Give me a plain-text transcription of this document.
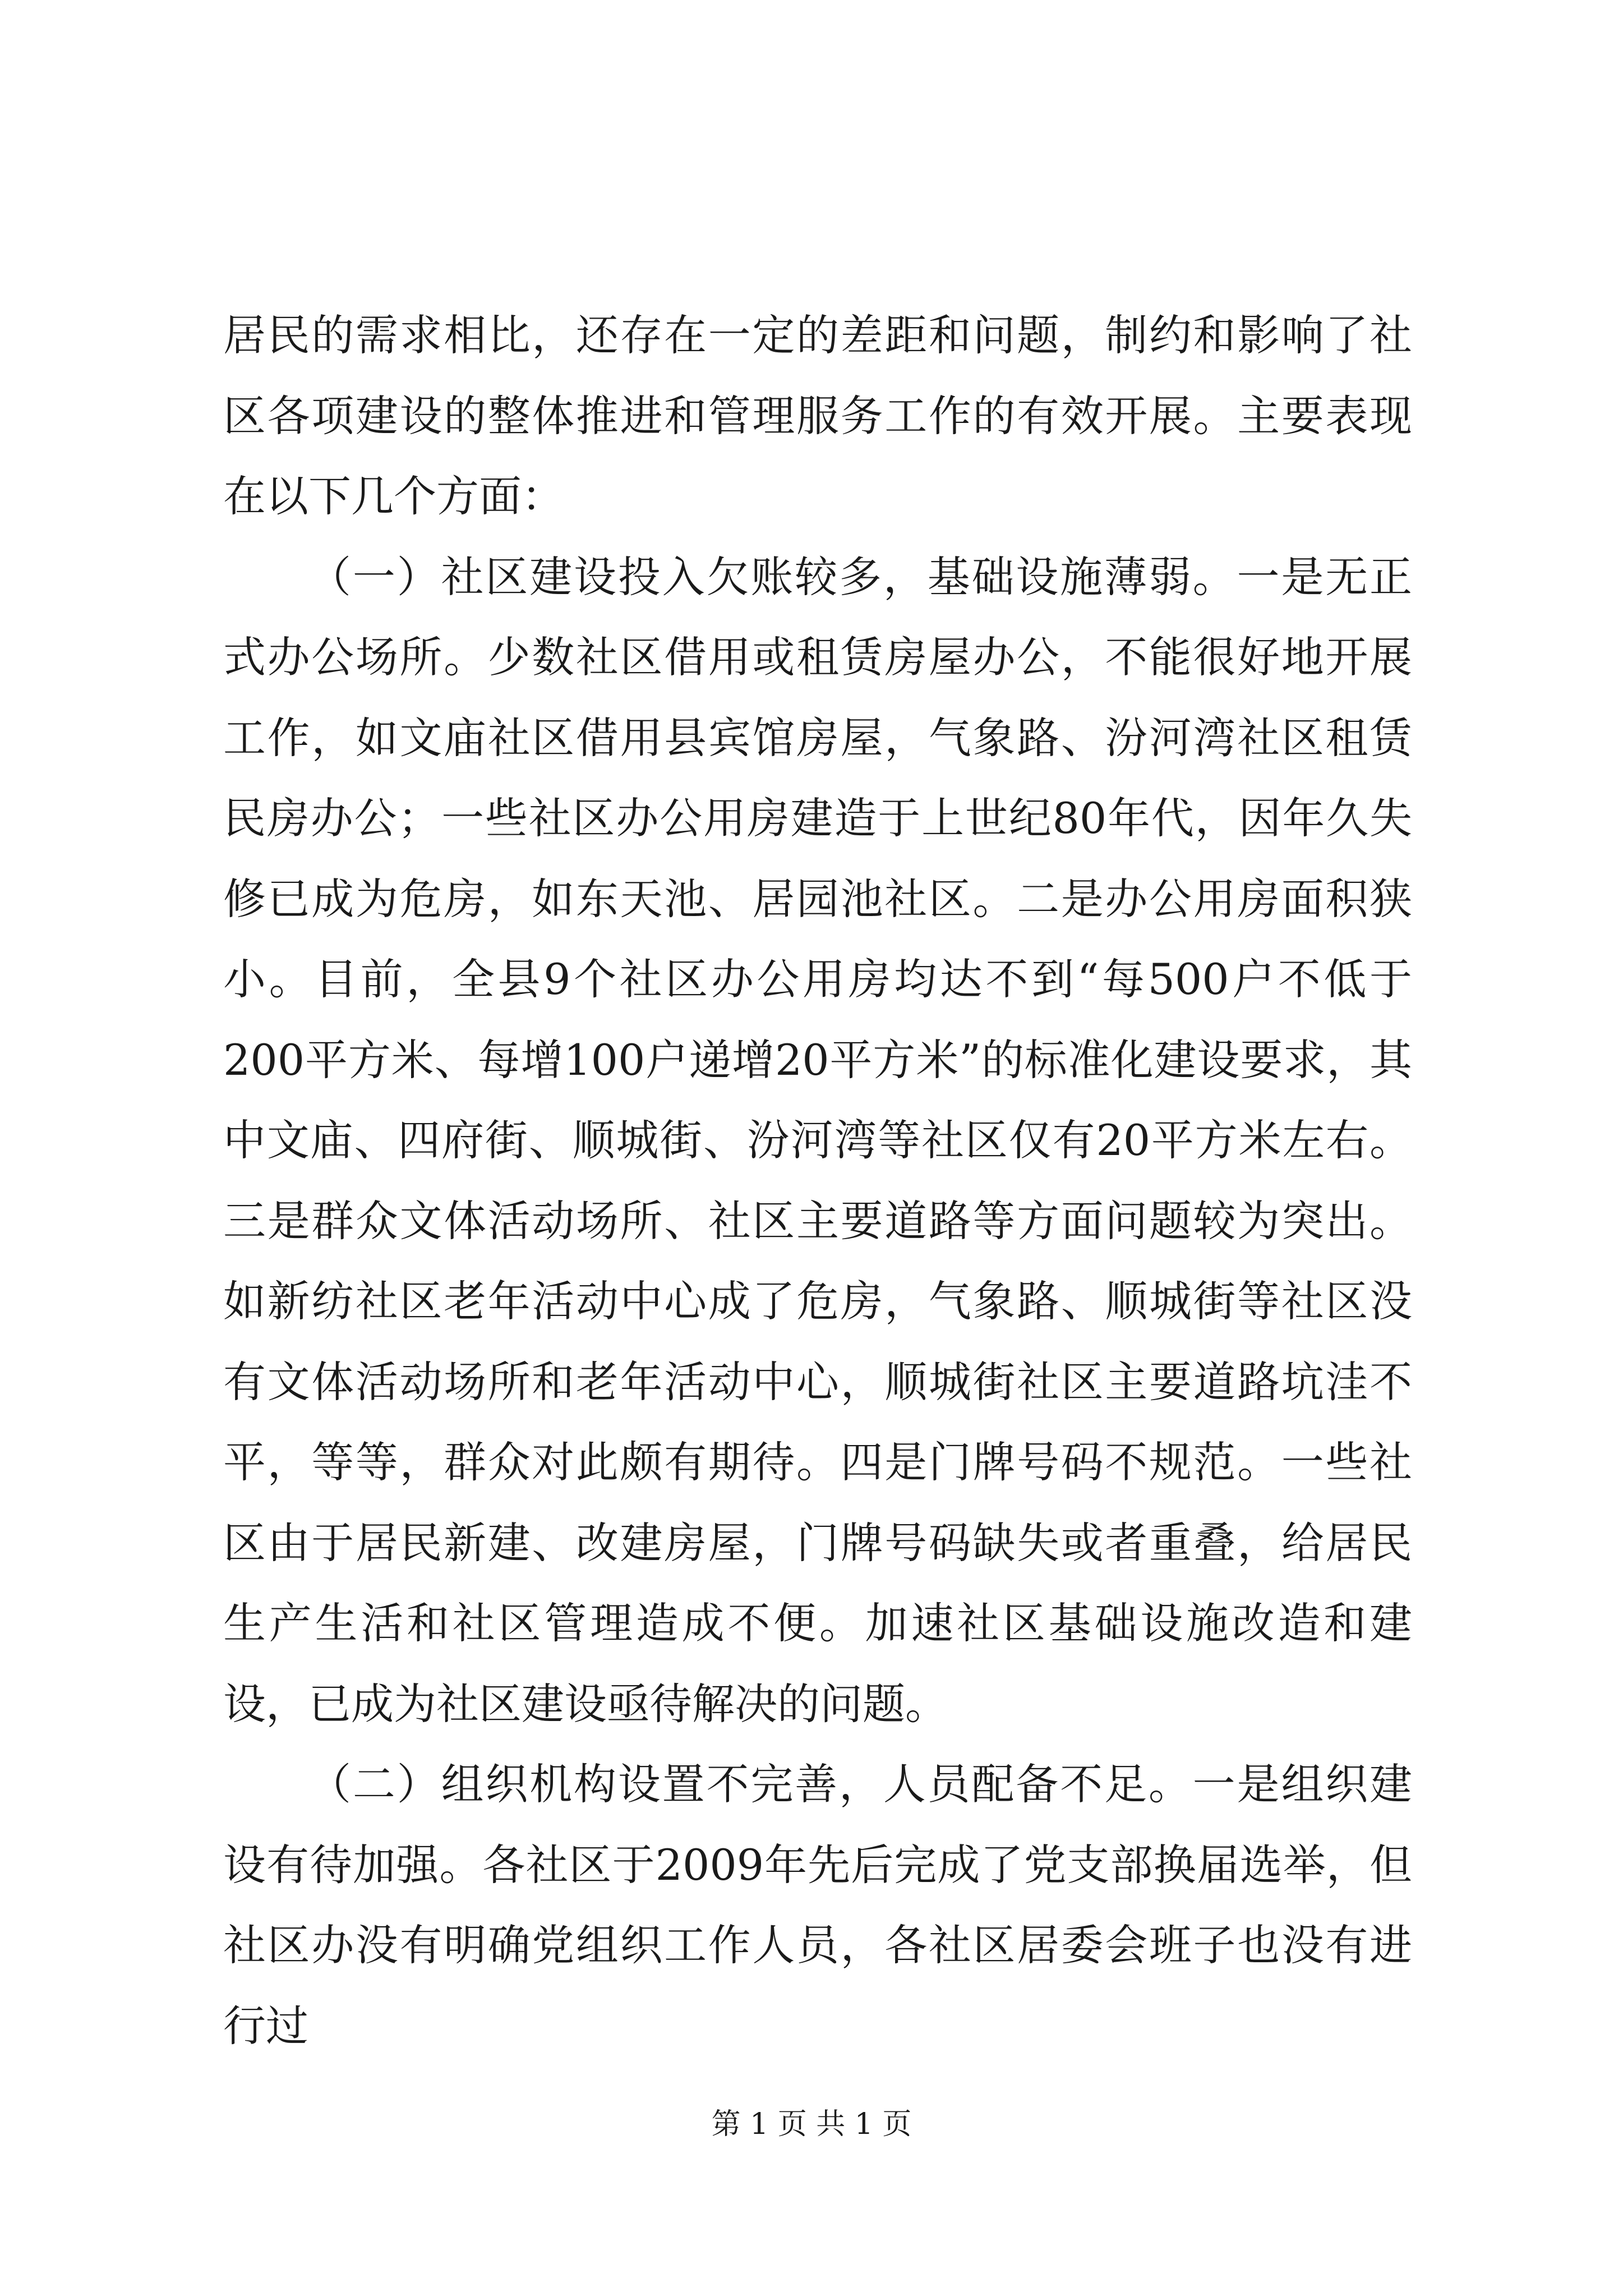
居民的需求相比，还存在一定的差距和问题，制约和影响了社区各项建设的整体推进和管理服务工作的有效开展。主要表现在以下几个方面：

（一）社区建设投入欠账较多，基础设施薄弱。一是无正式办公场所。少数社区借用或租赁房屋办公，不能很好地开展工作，如文庙社区借用县宾馆房屋，气象路、汾河湾社区租赁民房办公；一些社区办公用房建造于上世纪80年代，因年久失修已成为危房，如东天池、居园池社区。二是办公用房面积狭小。目前，全县9个社区办公用房均达不到“每500户不低于200平方米、每增100户递增20平方米”的标准化建设要求，其中文庙、四府街、顺城街、汾河湾等社区仅有20平方米左右。三是群众文体活动场所、社区主要道路等方面问题较为突出。如新纺社区老年活动中心成了危房，气象路、顺城街等社区没有文体活动场所和老年活动中心，顺城街社区主要道路坑洼不平，等等，群众对此颇有期待。四是门牌号码不规范。一些社区由于居民新建、改建房屋，门牌号码缺失或者重叠，给居民生产生活和社区管理造成不便。加速社区基础设施改造和建设，已成为社区建设亟待解决的问题。

（二）组织机构设置不完善，人员配备不足。一是组织建设有待加强。各社区于2009年先后完成了党支部换届选举，但社区办没有明确党组织工作人员，各社区居委会班子也没有进行过

第 1 页 共 1 页
